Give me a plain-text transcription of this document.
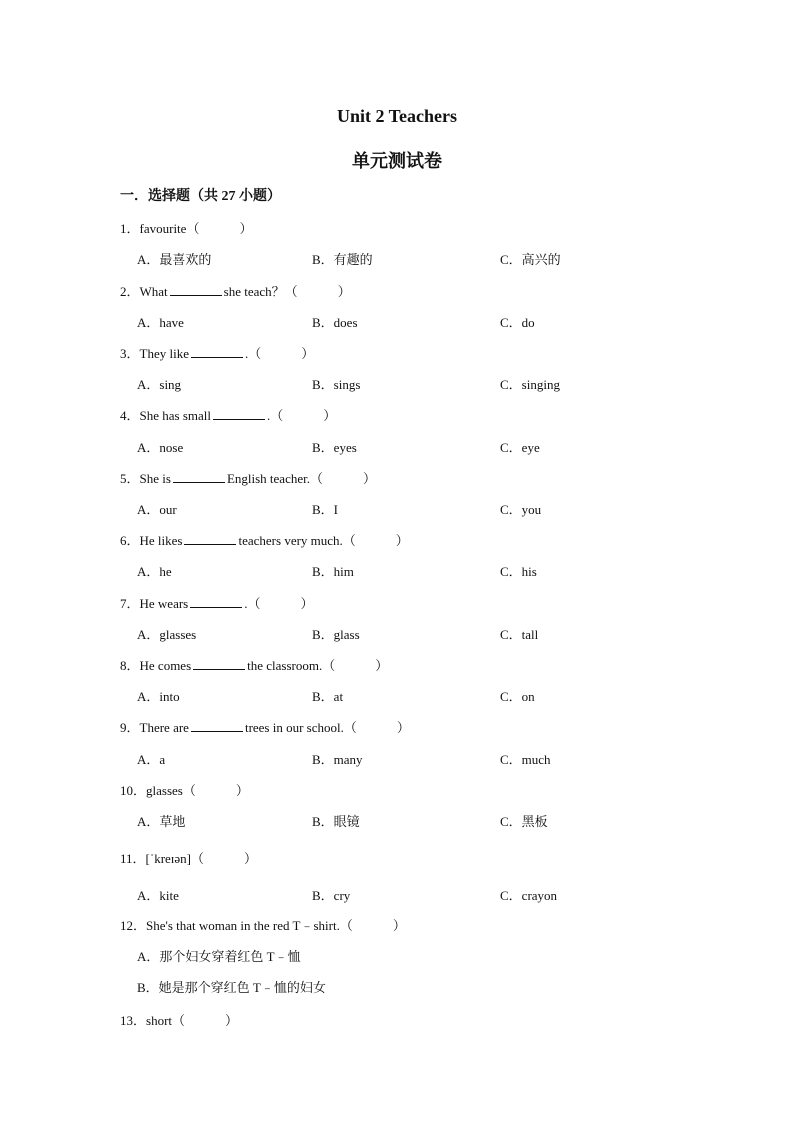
Unit 2 Teachers
单元测试卷
一．选择题（共 27 小题）
1．favourite（	）
A．最喜欢的	B．有趣的	C．高兴的
2．What	she teach？（	）
A．have	B．does	C．do
3．They like	.（	）
A．sing	B．sings	C．singing
4．She has small	.（	）
A．nose	B．eyes	C．eye
5．She is	English teacher.（	）
A．our	B．I	C．you
6．He likes	teachers very much.（	）
A．he	B．him	C．his
7．He wears	.（	）
A．glasses	B．glass	C．tall
8．He comes	the classroom.（	）
A．into	B．at	C．on
9．There are	trees in our school.（	）
A．a	B．many	C．much
10．glasses（	）
A．草地	B．眼镜	C．黑板
11．[ˈkreɪən]（	）
A．kite	B．cry	C．crayon
12．She's that woman in the red T﹣shirt.（	）
A．那个妇女穿着红色 T﹣恤
B．她是那个穿红色 T﹣恤的妇女
13．short（	）
